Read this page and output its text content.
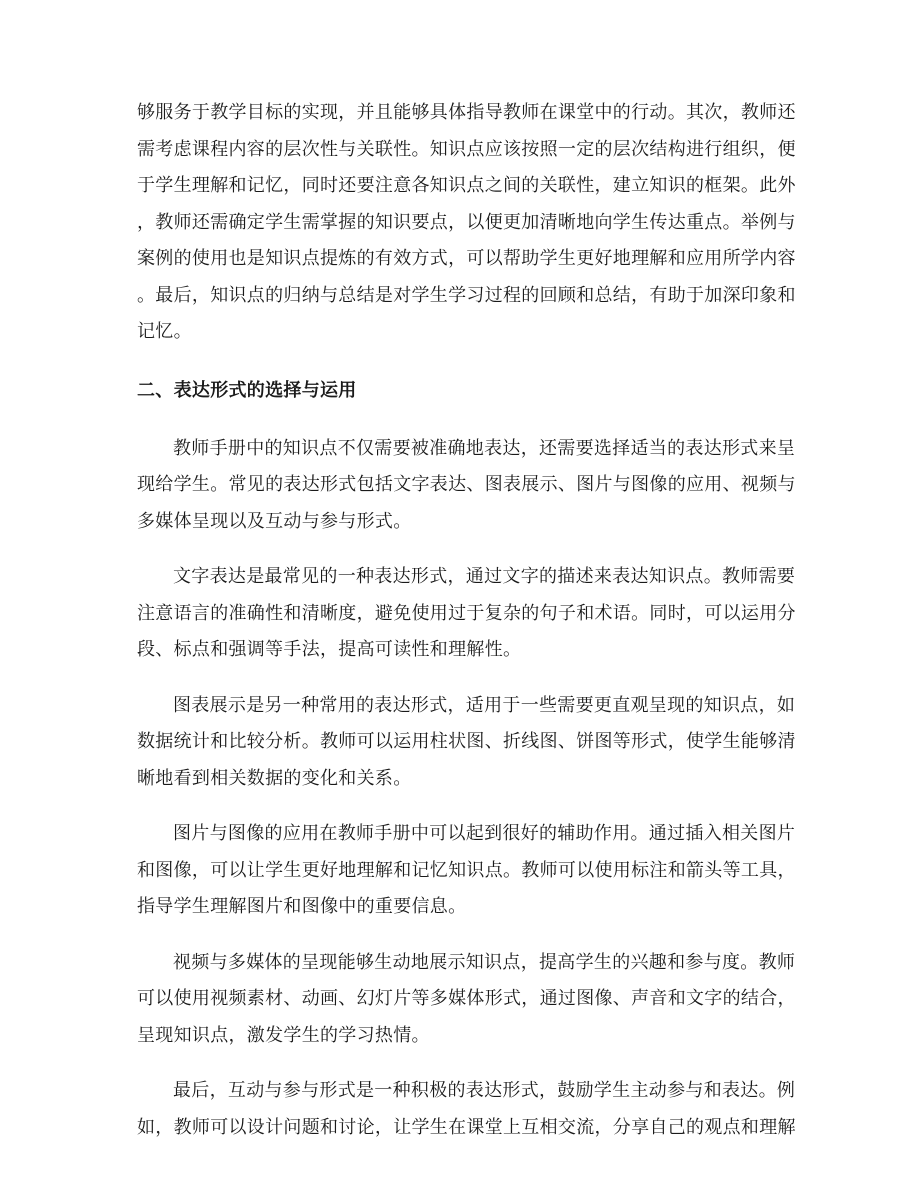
够服务于教学目标的实现，并且能够具体指导教师在课堂中的行动。其次，教师还
需考虑课程内容的层次性与关联性。知识点应该按照一定的层次结构进行组织，便
于学生理解和记忆，同时还要注意各知识点之间的关联性，建立知识的框架。此外
，教师还需确定学生需掌握的知识要点，以便更加清晰地向学生传达重点。举例与
案例的使用也是知识点提炼的有效方式，可以帮助学生更好地理解和应用所学内容
。最后，知识点的归纳与总结是对学生学习过程的回顾和总结，有助于加深印象和
记忆。
二、表达形式的选择与运用
教师手册中的知识点不仅需要被准确地表达，还需要选择适当的表达形式来呈
现给学生。常见的表达形式包括文字表达、图表展示、图片与图像的应用、视频与
多媒体呈现以及互动与参与形式。
文字表达是最常见的一种表达形式，通过文字的描述来表达知识点。教师需要
注意语言的准确性和清晰度，避免使用过于复杂的句子和术语。同时，可以运用分
段、标点和强调等手法，提高可读性和理解性。
图表展示是另一种常用的表达形式，适用于一些需要更直观呈现的知识点，如
数据统计和比较分析。教师可以运用柱状图、折线图、饼图等形式，使学生能够清
晰地看到相关数据的变化和关系。
图片与图像的应用在教师手册中可以起到很好的辅助作用。通过插入相关图片
和图像，可以让学生更好地理解和记忆知识点。教师可以使用标注和箭头等工具，
指导学生理解图片和图像中的重要信息。
视频与多媒体的呈现能够生动地展示知识点，提高学生的兴趣和参与度。教师
可以使用视频素材、动画、幻灯片等多媒体形式，通过图像、声音和文字的结合，
呈现知识点，激发学生的学习热情。
最后，互动与参与形式是一种积极的表达形式，鼓励学生主动参与和表达。例
如，教师可以设计问题和讨论，让学生在课堂上互相交流，分享自己的观点和理解
